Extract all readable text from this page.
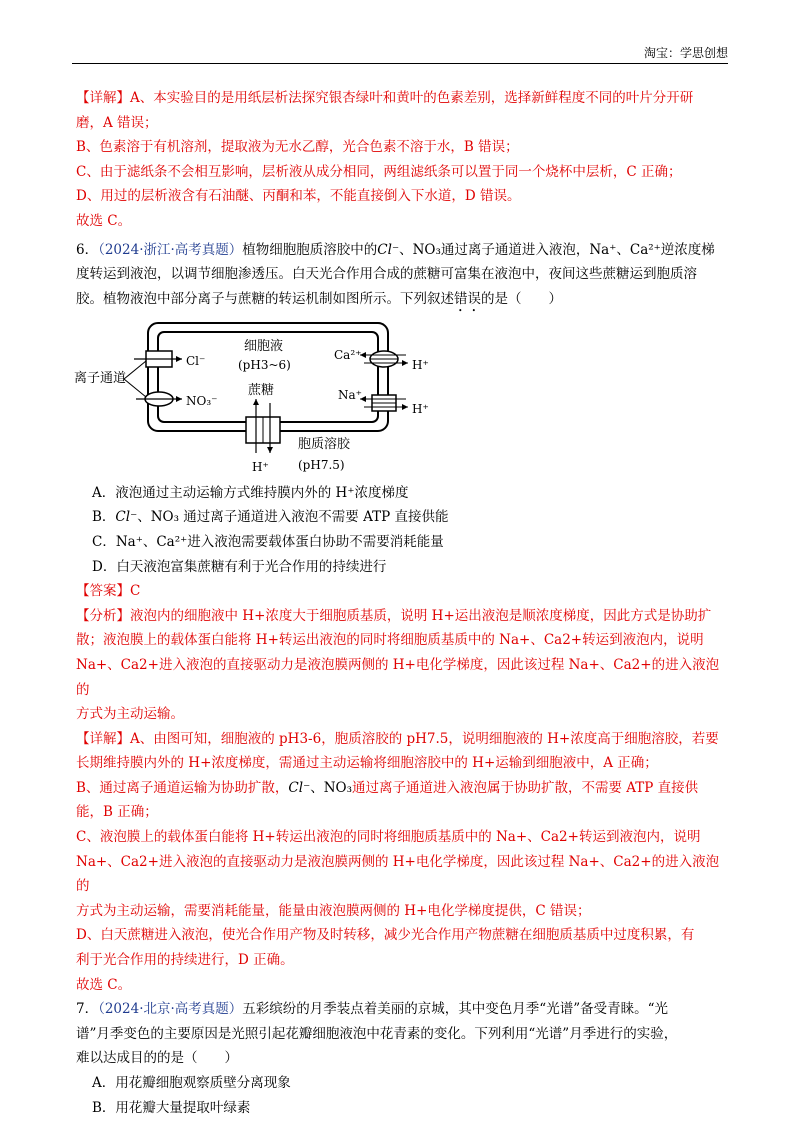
淘宝：学思创想

【详解】A、本实验目的是用纸层析法探究银杏绿叶和黄叶的色素差别，选择新鲜程度不同的叶片分开研

磨，A 错误；

B、色素溶于有机溶剂，提取液为无水乙醇，光合色素不溶于水，B 错误；

C、由于滤纸条不会相互影响，层析液从成分相同，两组滤纸条可以置于同一个烧杯中层析，C 正确；

D、用过的层析液含有石油醚、丙酮和苯，不能直接倒入下水道，D 错误。

故选 C。

6．（2024·浙江·高考真题）植物细胞胞质溶胶中的Cl⁻、NO₃通过离子通道进入液泡，Na⁺、Ca²⁺逆浓度梯

度转运到液泡，以调节细胞渗透压。白天光合作用合成的蔗糖可富集在液泡中，夜间这些蔗糖运到胞质溶

胶。植物液泡中部分离子与蔗糖的转运机制如图所示。下列叙述错误的是（　　）

细胞液
(pH3~6)
离子通道
Cl⁻
NO₃⁻
蔗糖
Ca²⁺
Na⁺
H⁺
H⁺
H⁺
胞质溶胶
(pH7.5)

A．液泡通过主动运输方式维持膜内外的 H⁺浓度梯度

B．Cl⁻、NO₃ 通过离子通道进入液泡不需要 ATP 直接供能

C．Na⁺、Ca²⁺进入液泡需要载体蛋白协助不需要消耗能量

D．白天液泡富集蔗糖有利于光合作用的持续进行

【答案】C

【分析】液泡内的细胞液中 H+浓度大于细胞质基质，说明 H+运出液泡是顺浓度梯度，因此方式是协助扩

散；液泡膜上的载体蛋白能将 H+转运出液泡的同时将细胞质基质中的 Na+、Ca2+转运到液泡内，说明

Na+、Ca2+进入液泡的直接驱动力是液泡膜两侧的 H+电化学梯度，因此该过程 Na+、Ca2+的进入液泡的

方式为主动运输。

【详解】A、由图可知，细胞液的 pH3-6，胞质溶胶的 pH7.5，说明细胞液的 H+浓度高于细胞溶胶，若要

长期维持膜内外的 H+浓度梯度，需通过主动运输将细胞溶胶中的 H+运输到细胞液中，A 正确；

B、通过离子通道运输为协助扩散，Cl⁻、NO₃通过离子通道进入液泡属于协助扩散，不需要 ATP 直接供

能，B 正确；

C、液泡膜上的载体蛋白能将 H+转运出液泡的同时将细胞质基质中的 Na+、Ca2+转运到液泡内，说明

Na+、Ca2+进入液泡的直接驱动力是液泡膜两侧的 H+电化学梯度，因此该过程 Na+、Ca2+的进入液泡的

方式为主动运输，需要消耗能量，能量由液泡膜两侧的 H+电化学梯度提供，C 错误；

D、白天蔗糖进入液泡，使光合作用产物及时转移，减少光合作用产物蔗糖在细胞质基质中过度积累，有

利于光合作用的持续进行，D 正确。

故选 C。

7．（2024·北京·高考真题）五彩缤纷的月季装点着美丽的京城，其中变色月季“光谱”备受青睐。“光

谱”月季变色的主要原因是光照引起花瓣细胞液泡中花青素的变化。下列利用“光谱”月季进行的实验，

难以达成目的的是（　　）

A．用花瓣细胞观察质壁分离现象

B．用花瓣大量提取叶绿素
